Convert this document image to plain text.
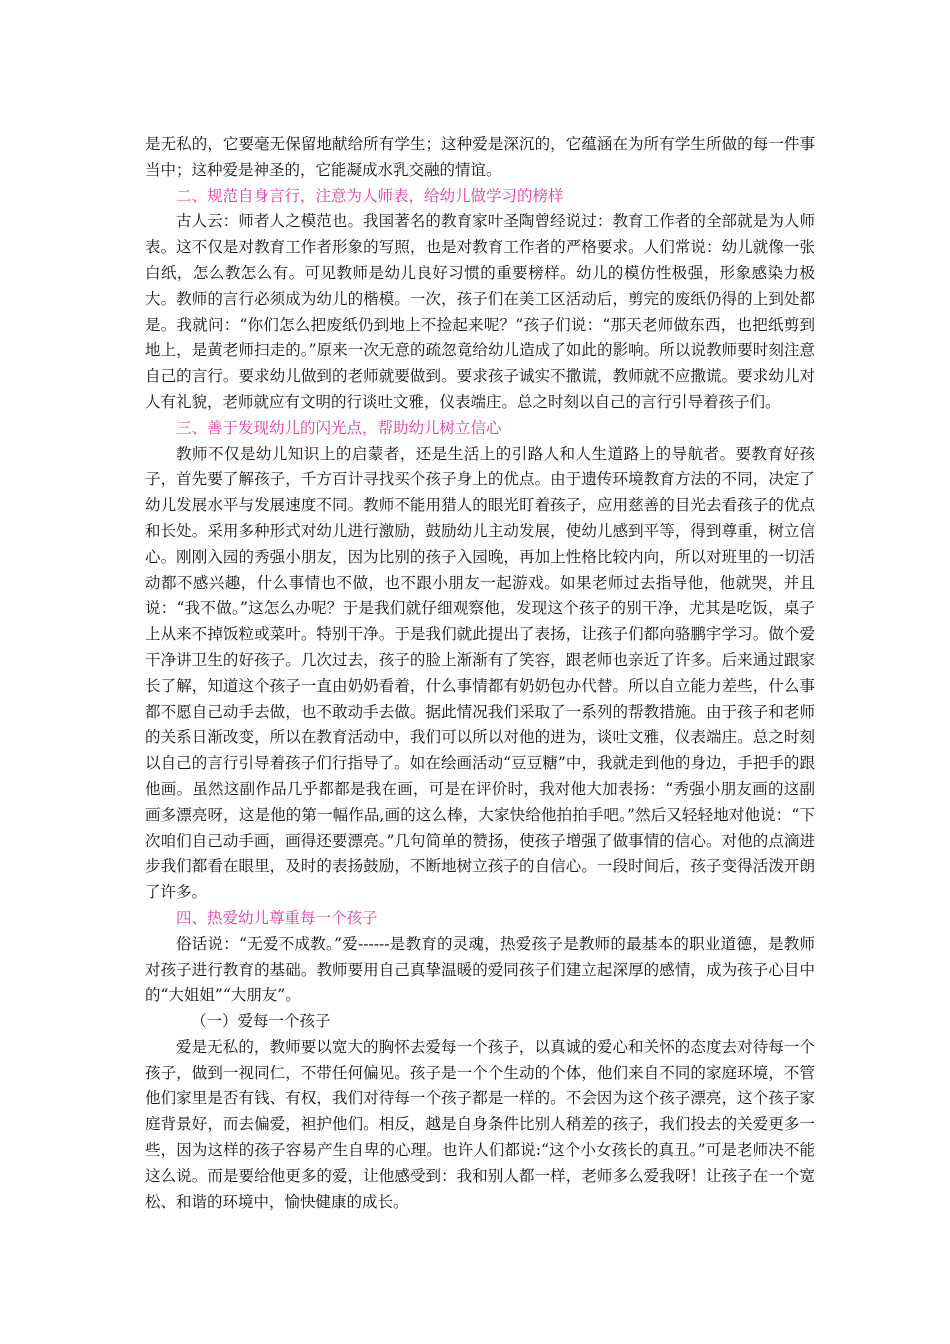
是无私的，它要毫无保留地献给所有学生；这种爱是深沉的，它蕴涵在为所有学生所做的每一件事当中；这种爱是神圣的，它能凝成水乳交融的情谊。

二、规范自身言行，注意为人师表，给幼儿做学习的榜样

古人云：师者人之模范也。我国著名的教育家叶圣陶曾经说过：教育工作者的全部就是为人师表。这不仅是对教育工作者形象的写照，也是对教育工作者的严格要求。人们常说：幼儿就像一张白纸，怎么教怎么有。可见教师是幼儿良好习惯的重要榜样。幼儿的模仿性极强，形象感染力极大。教师的言行必须成为幼儿的楷模。一次，孩子们在美工区活动后，剪完的废纸仍得的上到处都是。我就问：“你们怎么把废纸仍到地上不捡起来呢？”孩子们说：“那天老师做东西，也把纸剪到地上，是黄老师扫走的。”原来一次无意的疏忽竟给幼儿造成了如此的影响。所以说教师要时刻注意自己的言行。要求幼儿做到的老师就要做到。要求孩子诚实不撒谎，教师就不应撒谎。要求幼儿对人有礼貌，老师就应有文明的行谈吐文雅，仪表端庄。总之时刻以自己的言行引导着孩子们。

三、善于发现幼儿的闪光点，帮助幼儿树立信心

教师不仅是幼儿知识上的启蒙者，还是生活上的引路人和人生道路上的导航者。要教育好孩子，首先要了解孩子，千方百计寻找买个孩子身上的优点。由于遗传环境教育方法的不同，决定了幼儿发展水平与发展速度不同。教师不能用猎人的眼光盯着孩子，应用慈善的目光去看孩子的优点和长处。采用多种形式对幼儿进行激励，鼓励幼儿主动发展，使幼儿感到平等，得到尊重，树立信心。刚刚入园的秀强小朋友，因为比别的孩子入园晚，再加上性格比较内向，所以对班里的一切活动都不感兴趣，什么事情也不做，也不跟小朋友一起游戏。如果老师过去指导他，他就哭，并且说：“我不做。”这怎么办呢？于是我们就仔细观察他，发现这个孩子的别干净，尤其是吃饭，桌子上从来不掉饭粒或菜叶。特别干净。于是我们就此提出了表扬，让孩子们都向骆鹏宇学习。做个爱干净讲卫生的好孩子。几次过去，孩子的脸上渐渐有了笑容，跟老师也亲近了许多。后来通过跟家长了解，知道这个孩子一直由奶奶看着，什么事情都有奶奶包办代替。所以自立能力差些，什么事都不愿自己动手去做，也不敢动手去做。据此情况我们采取了一系列的帮教措施。由于孩子和老师的关系日渐改变，所以在教育活动中，我们可以所以对他的进为，谈吐文雅，仪表端庄。总之时刻以自己的言行引导着孩子们行指导了。如在绘画活动“豆豆糖”中，我就走到他的身边，手把手的跟他画。虽然这副作品几乎都都是我在画，可是在评价时，我对他大加表扬：“秀强小朋友画的这副画多漂亮呀，这是他的第一幅作品,画的这么棒，大家快给他拍拍手吧。”然后又轻轻地对他说：“下次咱们自己动手画，画得还要漂亮。”几句简单的赞扬，使孩子增强了做事情的信心。对他的点滴进步我们都看在眼里，及时的表扬鼓励，不断地树立孩子的自信心。一段时间后，孩子变得活泼开朗了许多。

四、热爱幼儿尊重每一个孩子

俗话说：“无爱不成教。”爱------是教育的灵魂，热爱孩子是教师的最基本的职业道德，是教师对孩子进行教育的基础。教师要用自己真挚温暖的爱同孩子们建立起深厚的感情，成为孩子心目中的“大姐姐”“大朋友”。

（一）爱每一个孩子

爱是无私的，教师要以宽大的胸怀去爱每一个孩子，以真诚的爱心和关怀的态度去对待每一个孩子，做到一视同仁，不带任何偏见。孩子是一个个生动的个体，他们来自不同的家庭环境，不管他们家里是否有钱、有权，我们对待每一个孩子都是一样的。不会因为这个孩子漂亮，这个孩子家庭背景好，而去偏爱，袒护他们。相反，越是自身条件比别人稍差的孩子，我们投去的关爱更多一些，因为这样的孩子容易产生自卑的心理。也许人们都说:“这个小女孩长的真丑。”可是老师决不能这么说。而是要给他更多的爱，让他感受到：我和别人都一样，老师多么爱我呀！让孩子在一个宽松、和谐的环境中，愉快健康的成长。
